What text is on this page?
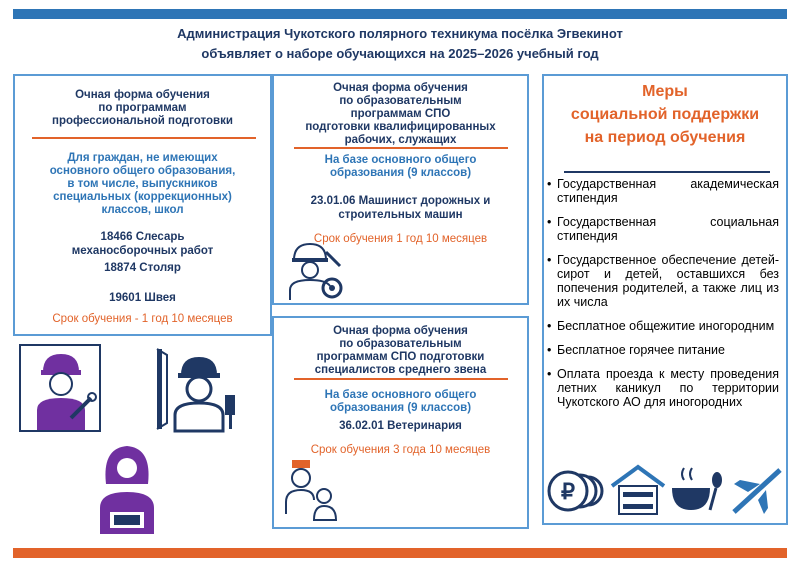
Администрация Чукотского полярного техникума посёлка Эгвекинот
объявляет о наборе обучающихся на 2025–2026 учебный год
Очная форма обучения
по программам
профессиональной подготовки
Для граждан, не имеющих
основного общего образования,
в том числе, выпускников
специальных (коррекционных)
классов, школ
18466 Слесарь
механосборочных работ
18874 Столяр
19601 Швея
Срок обучения - 1 год 10 месяцев
Очная форма обучения
по образовательным
программам СПО
подготовки квалифицированных
рабочих, служащих
На базе основного общего
образования (9 классов)
23.01.06 Машинист дорожных и
строительных машин
Срок обучения 1 год 10 месяцев
Очная форма обучения
по образовательным
программам СПО подготовки
специалистов среднего звена
На базе основного общего
образования (9 классов)
36.02.01 Ветеринария
Срок обучения 3 года 10 месяцев
Меры
социальной поддержки
на период обучения
• Государственная академическая стипендия
• Государственная социальная стипендия
• Государственное обеспечение детей-сирот и детей, оставшихся без попечения родителей, а также лиц из их числа
• Бесплатное общежитие иногородним
• Бесплатное горячее питание
• Оплата проезда к месту проведения летних каникул по территории Чукотского АО для иногородних
₽
